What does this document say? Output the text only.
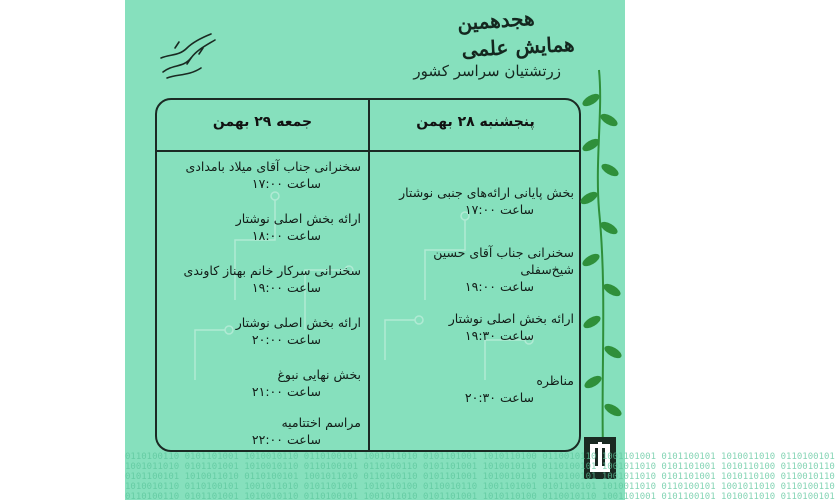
هجدهمین
همایش علمی
زرتشتیان سراسر کشور
جمعه ۲۹ بهمن	پنجشنبه ۲۸ بهمن
سخنرانی جناب آقای میلاد بامدادی
ساعت ۱۷:۰۰
ارائه بخش اصلی نوشتار
ساعت ۱۸:۰۰
سخنرانی سرکار خانم بهناز کاوندی
ساعت ۱۹:۰۰
ارائه بخش اصلی نوشتار
ساعت ۲۰:۰۰
بخش نهایی نبوغ
ساعت ۲۱:۰۰
مراسم اختتامیه
ساعت ۲۲:۰۰
بخش پایانی ارائه‌های جنبی نوشتار
ساعت ۱۷:۰۰
سخنرانی جناب آقای حسین شیخ‌سفلی
ساعت ۱۹:۰۰
ارائه بخش اصلی نوشتار
ساعت ۱۹:۳۰
مناظره
ساعت ۲۰:۳۰
0110100110 0101101001 1010010110 0110100101 1001011010 0101101001 1010110100 0110010110 1001101001 0101100101 1010011010 0110100101
1001011010 0101101001 1010010110 0110100101 0110100110 0101101001 1010010110 0110100101 1001011010 0101101001 1010110100 0110010110
0101100101 1010011010 0110100101 1001011010 0110100110 0101101001 1010010110 0110100101 1001011010 0101101001 1010110100 0110010110
1010010110 0110100101 1001011010 0101101001 1010110100 0110010110 1001101001 0101100101 1010011010 0110100101 1001011010 0110100110
0110100110 0101101001 1010010110 0110100101 1001011010 0101101001 1010110100 0110010110 1001101001 0101100101 1010011010 0110100101
